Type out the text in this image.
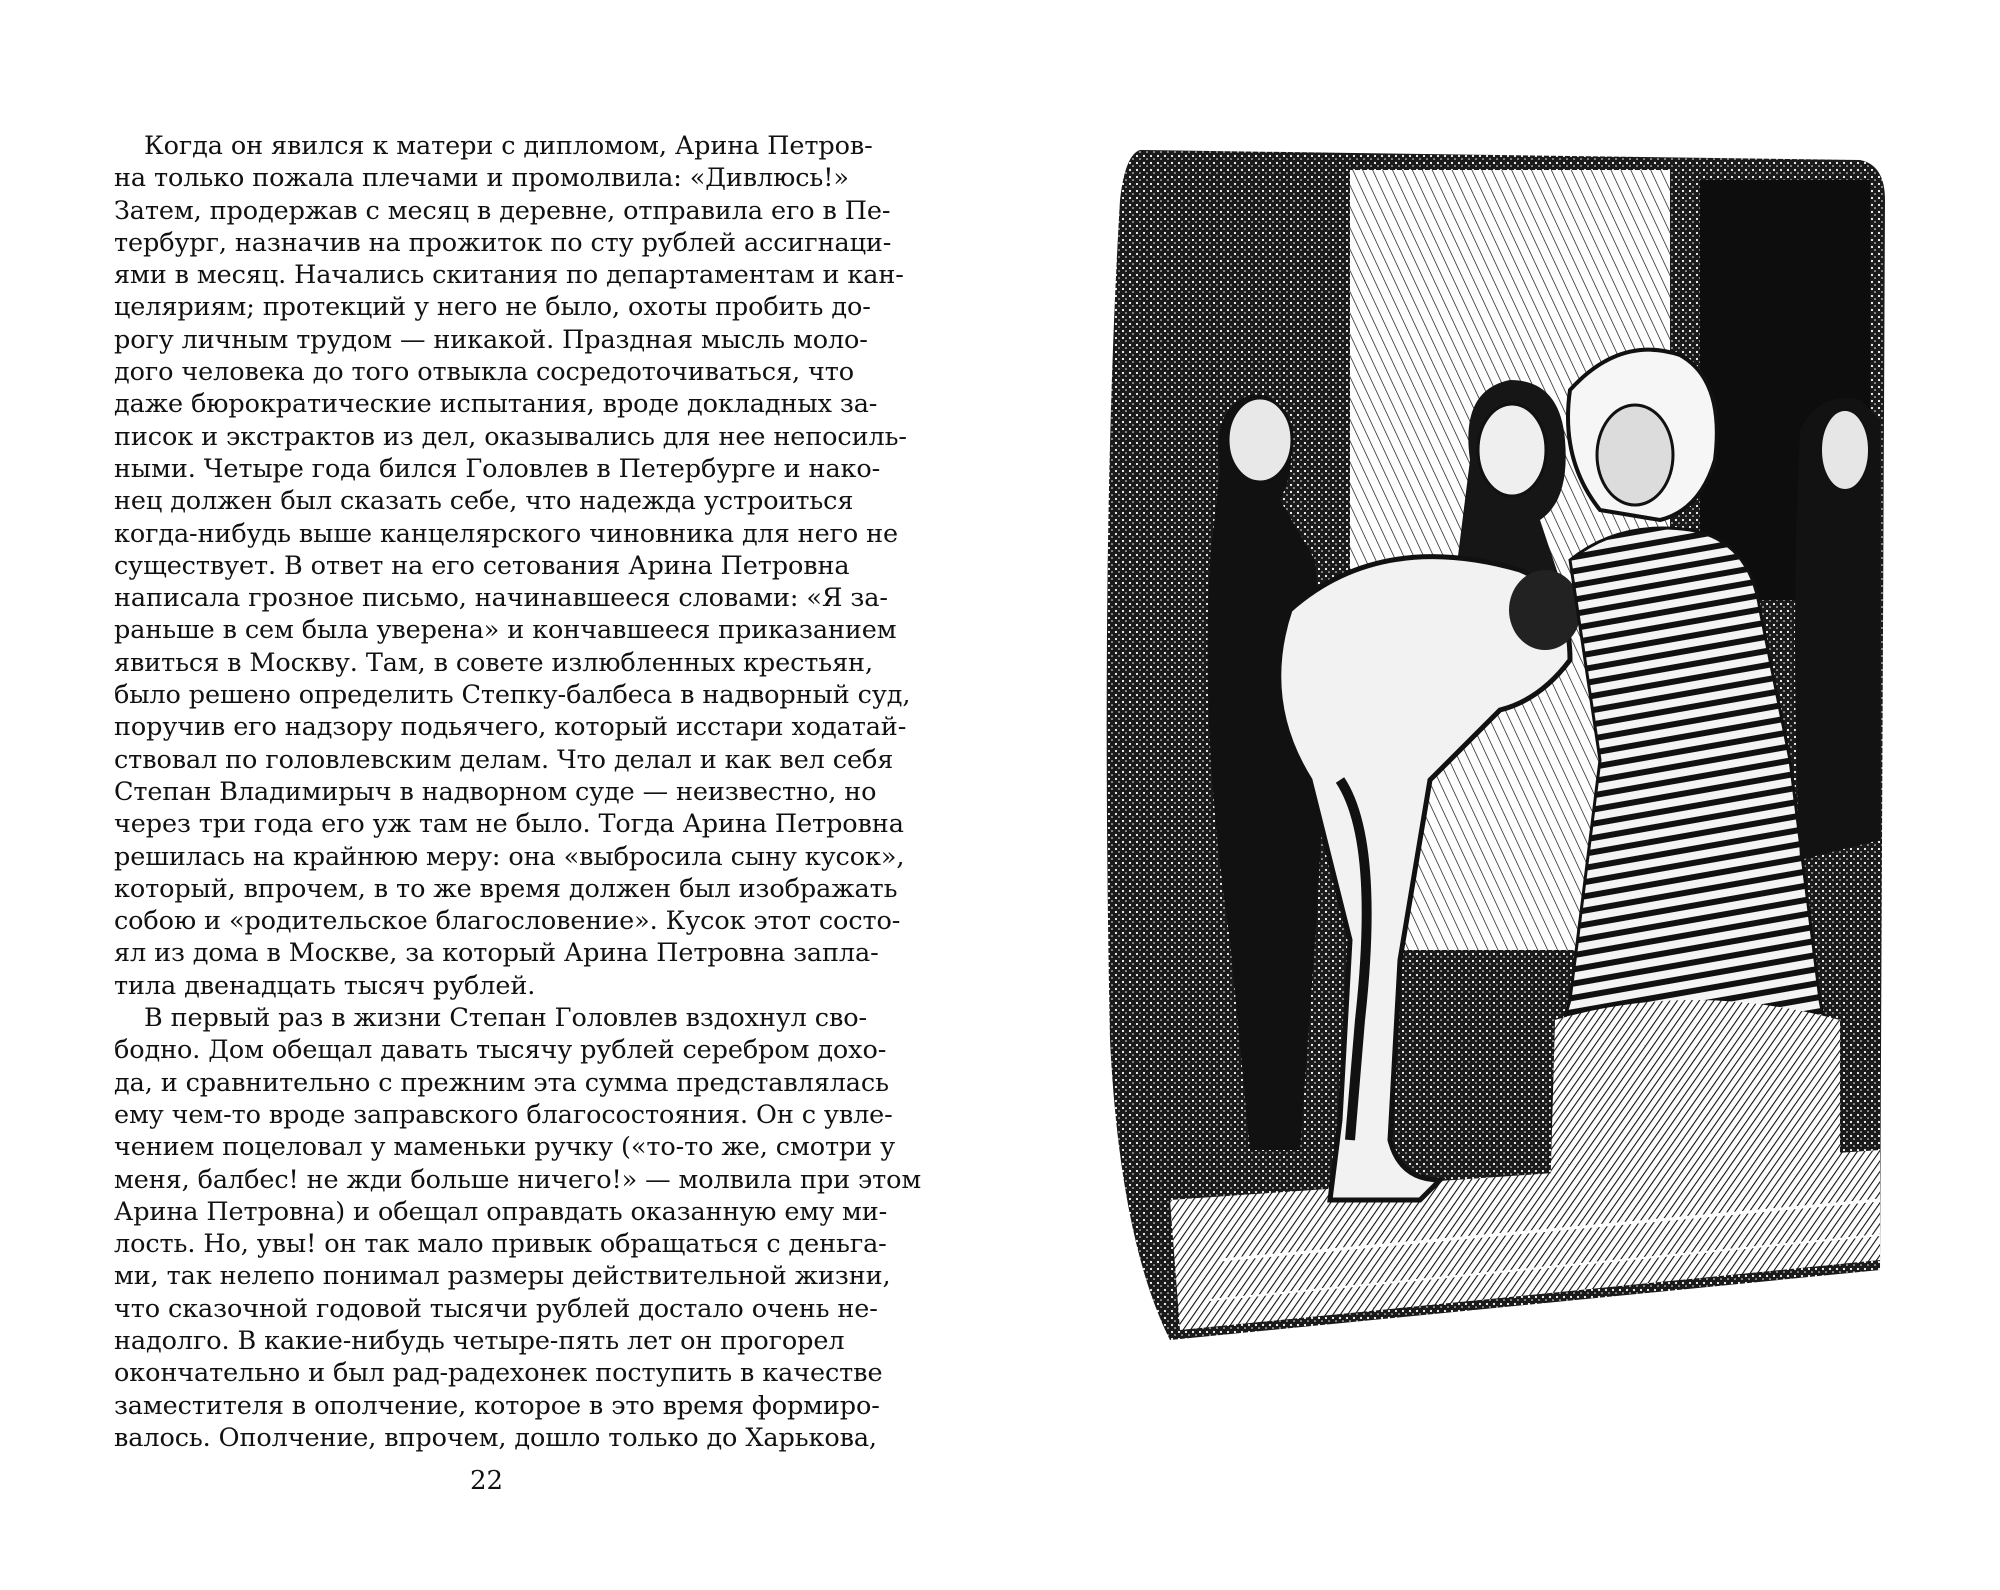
Когда он явился к матери с дипломом, Арина Петров-
на только пожала плечами и промолвила: «Дивлюсь!»
Затем, продержав с месяц в деревне, отправила его в Пе-
тербург, назначив на прожиток по сту рублей ассигнаци-
ями в месяц. Начались скитания по департаментам и кан-
целяриям; протекций у него не было, охоты пробить до-
рогу личным трудом — никакой. Праздная мысль моло-
дого человека до того отвыкла сосредоточиваться, что
даже бюрократические испытания, вроде докладных за-
писок и экстрактов из дел, оказывались для нее непосиль-
ными. Четыре года бился Головлев в Петербурге и нако-
нец должен был сказать себе, что надежда устроиться
когда-нибудь выше канцелярского чиновника для него не
существует. В ответ на его сетования Арина Петровна
написала грозное письмо, начинавшееся словами: «Я за-
раньше в сем была уверена» и кончавшееся приказанием
явиться в Москву. Там, в совете излюбленных крестьян,
было решено определить Степку-балбеса в надворный суд,
поручив его надзору подьячего, который исстари ходатай-
ствовал по головлевским делам. Что делал и как вел себя
Степан Владимирыч в надворном суде — неизвестно, но
через три года его уж там не было. Тогда Арина Петровна
решилась на крайнюю меру: она «выбросила сыну кусок»,
который, впрочем, в то же время должен был изображать
собою и «родительское благословение». Кусок этот состо-
ял из дома в Москве, за который Арина Петровна запла-
тила двенадцать тысяч рублей.

В первый раз в жизни Степан Головлев вздохнул сво-
бодно. Дом обещал давать тысячу рублей серебром дохо-
да, и сравнительно с прежним эта сумма представлялась
ему чем-то вроде заправского благосостояния. Он с увле-
чением поцеловал у маменьки ручку («то-то же, смотри у
меня, балбес! не жди больше ничего!» — молвила при этом
Арина Петровна) и обещал оправдать оказанную ему ми-
лость. Но, увы! он так мало привык обращаться с деньга-
ми, так нелепо понимал размеры действительной жизни,
что сказочной годовой тысячи рублей достало очень не-
надолго. В какие-нибудь четыре-пять лет он прогорел
окончательно и был рад-радехонек поступить в качестве
заместителя в ополчение, которое в это время формиро-
валось. Ополчение, впрочем, дошло только до Харькова,

22
